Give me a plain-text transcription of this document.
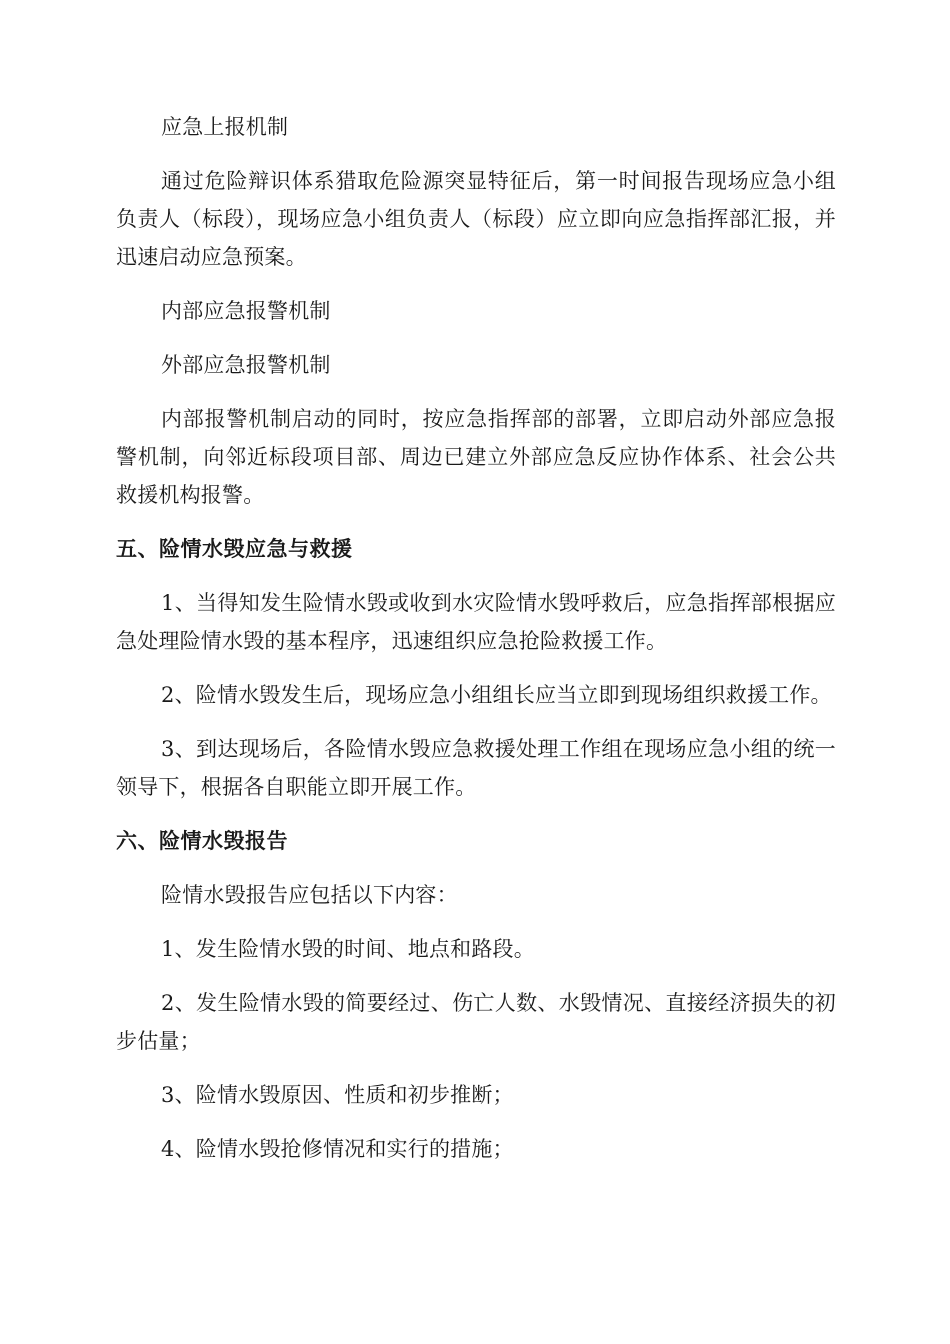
应急上报机制

通过危险辩识体系猎取危险源突显特征后，第一时间报告现场应急小组负责人（标段），现场应急小组负责人（标段）应立即向应急指挥部汇报，并迅速启动应急预案。

内部应急报警机制

外部应急报警机制

内部报警机制启动的同时，按应急指挥部的部署，立即启动外部应急报警机制，向邻近标段项目部、周边已建立外部应急反应协作体系、社会公共救援机构报警。

五、险情水毁应急与救援

1、当得知发生险情水毁或收到水灾险情水毁呼救后，应急指挥部根据应急处理险情水毁的基本程序，迅速组织应急抢险救援工作。

2、险情水毁发生后，现场应急小组组长应当立即到现场组织救援工作。

3、到达现场后，各险情水毁应急救援处理工作组在现场应急小组的统一领导下，根据各自职能立即开展工作。

六、险情水毁报告

险情水毁报告应包括以下内容：

1、发生险情水毁的时间、地点和路段。

2、发生险情水毁的简要经过、伤亡人数、水毁情况、直接经济损失的初步估量；

3、险情水毁原因、性质和初步推断；

4、险情水毁抢修情况和实行的措施；
